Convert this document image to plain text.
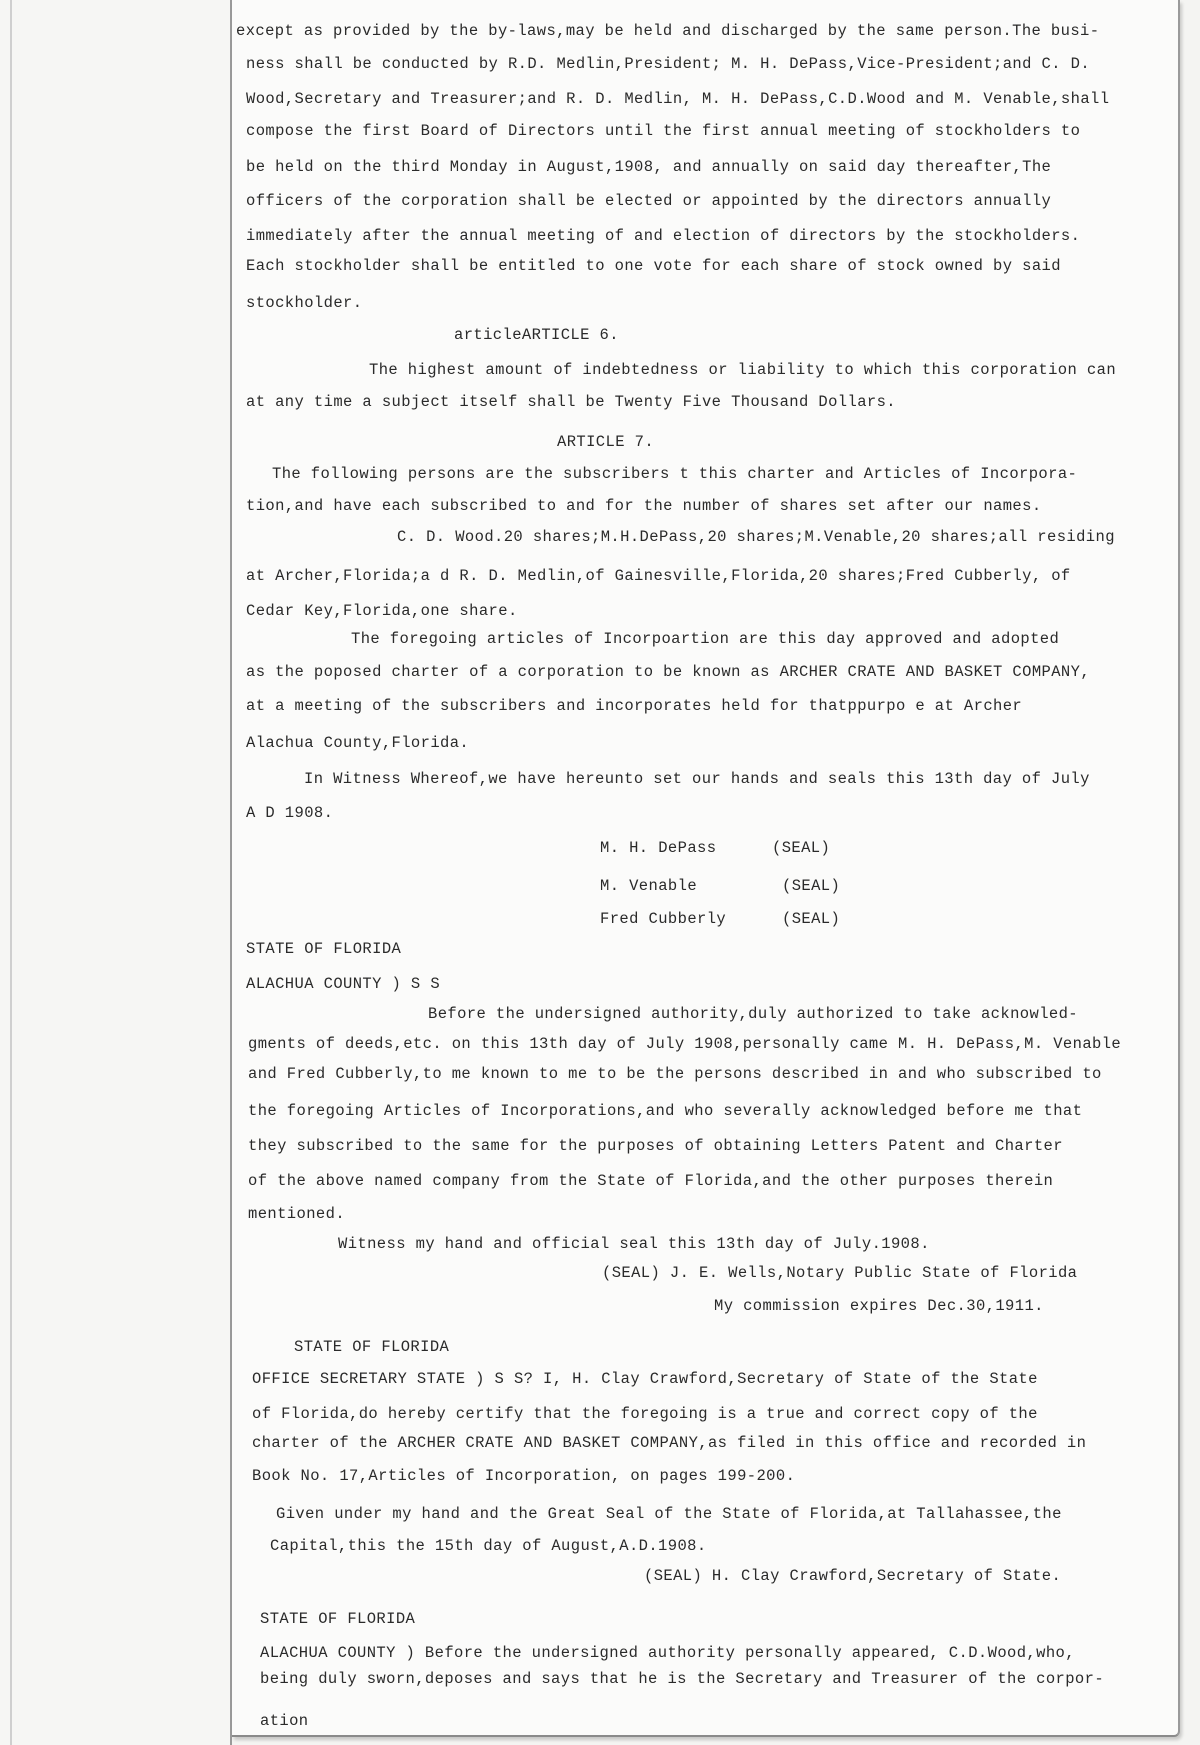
except as provided by the by-laws,may be held and discharged by the same person.The busi-
ness shall be conducted by R.D. Medlin,President; M. H. DePass,Vice-President;and C. D.
Wood,Secretary and Treasurer;and R. D. Medlin, M. H. DePass,C.D.Wood and M. Venable,shall
compose the first Board of Directors until the first annual meeting of stockholders to
be held on the third Monday in August,1908, and annually on said day thereafter,The
officers of the corporation shall be elected or appointed by the directors annually
immediately after the annual meeting of and election of directors by the stockholders.
Each stockholder shall be entitled to one vote for each share of stock owned by said
stockholder.
articleARTICLE 6.
The highest amount of indebtedness or liability to which this corporation can
at any time a subject itself shall be Twenty Five Thousand Dollars.
ARTICLE 7.
The following persons are the subscribers t this charter and Articles of Incorpora-
tion,and have each subscribed to and for the number of shares set after our names.
C. D. Wood.20 shares;M.H.DePass,20 shares;M.Venable,20 shares;all residing
at Archer,Florida;a d R. D. Medlin,of Gainesville,Florida,20 shares;Fred Cubberly, of
Cedar Key,Florida,one share.
The foregoing articles of Incorpoartion are this day approved and adopted
as the poposed charter of a corporation to be known as ARCHER CRATE AND BASKET COMPANY,
at a meeting of the subscribers and incorporates held for thatppurpo e at Archer
Alachua County,Florida.
In Witness Whereof,we have hereunto set our hands and seals this 13th day of July
A D 1908.
M. H. DePass	(SEAL)
M. Venable	(SEAL)
Fred Cubberly	(SEAL)
STATE OF FLORIDA
ALACHUA COUNTY ) S S
Before the undersigned authority,duly authorized to take acknowled-
gments of deeds,etc. on this 13th day of July 1908,personally came M. H. DePass,M. Venable
and Fred Cubberly,to me known to me to be the persons described in and who subscribed to
the foregoing Articles of Incorporations,and who severally acknowledged before me that
they subscribed to the same for the purposes of obtaining Letters Patent and Charter
of the above named company from the State of Florida,and the other purposes therein
mentioned.
Witness my hand and official seal this 13th day of July.1908.
(SEAL) J. E. Wells,Notary Public State of Florida
My commission expires Dec.30,1911.
STATE OF FLORIDA
OFFICE SECRETARY STATE ) S S? I, H. Clay Crawford,Secretary of State of the State
of Florida,do hereby certify that the foregoing is a true and correct copy of the
charter of the ARCHER CRATE AND BASKET COMPANY,as filed in this office and recorded in
Book No. 17,Articles of Incorporation, on pages 199-200.
Given under my hand and the Great Seal of the State of Florida,at Tallahassee,the
Capital,this the 15th day of August,A.D.1908.
(SEAL) H. Clay Crawford,Secretary of State.
STATE OF FLORIDA
ALACHUA COUNTY ) Before the undersigned authority personally appeared, C.D.Wood,who,
being duly sworn,deposes and says that he is the Secretary and Treasurer of the corpor-
ation
